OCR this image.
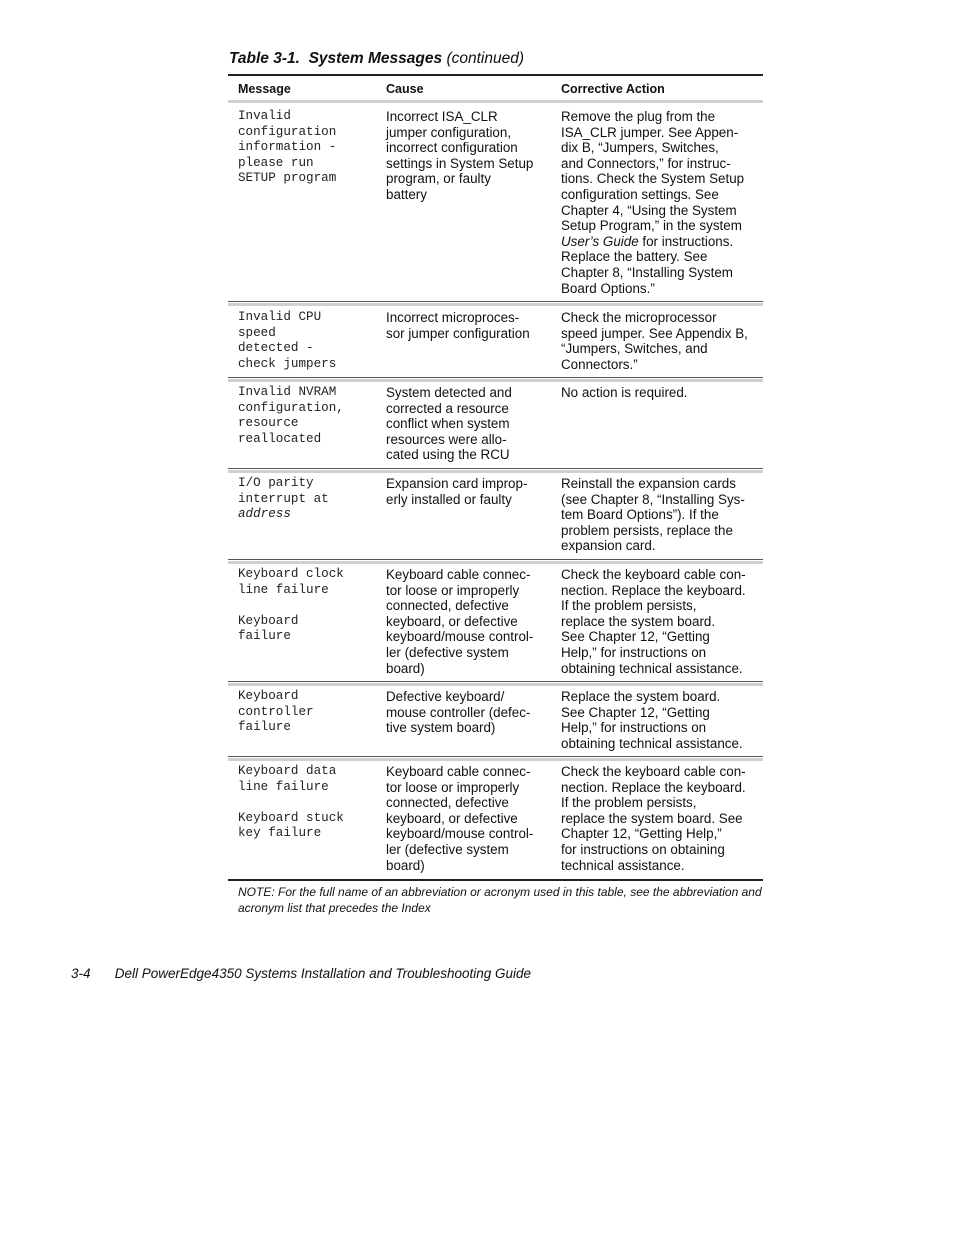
Table 3-1. System Messages (continued)
Message	Cause	Corrective Action
Invalid
configuration
information -
please run
SETUP program
Incorrect ISA_CLR
jumper configuration,
incorrect configuration
settings in System Setup
program, or faulty
battery
Remove the plug from the
ISA_CLR jumper. See Appen-
dix B, “Jumpers, Switches,
and Connectors,” for instruc-
tions. Check the System Setup
configuration settings. See
Chapter 4, “Using the System
Setup Program,” in the system
User’s Guide for instructions.
Replace the battery. See
Chapter 8, “Installing System
Board Options.”
Invalid CPU
speed
detected -
check jumpers
Incorrect microproces-
sor jumper configuration
Check the microprocessor
speed jumper. See Appendix B,
“Jumpers, Switches, and
Connectors.”
Invalid NVRAM
configuration,
resource
reallocated
System detected and
corrected a resource
conflict when system
resources were allo-
cated using the RCU
No action is required.
I/O parity
interrupt at
address
Expansion card improp-
erly installed or faulty
Reinstall the expansion cards
(see Chapter 8, “Installing Sys-
tem Board Options”). If the
problem persists, replace the
expansion card.
Keyboard clock
line failure
Keyboard
failure
Keyboard cable connec-
tor loose or improperly
connected, defective
keyboard, or defective
keyboard/mouse control-
ler (defective system
board)
Check the keyboard cable con-
nection. Replace the keyboard.
If the problem persists,
replace the system board.
See Chapter 12, “Getting
Help,” for instructions on
obtaining technical assistance.
Keyboard
controller
failure
Defective keyboard/
mouse controller (defec-
tive system board)
Replace the system board.
See Chapter 12, “Getting
Help,” for instructions on
obtaining technical assistance.
Keyboard data
line failure
Keyboard stuck
key failure
Keyboard cable connec-
tor loose or improperly
connected, defective
keyboard, or defective
keyboard/mouse control-
ler (defective system
board)
Check the keyboard cable con-
nection. Replace the keyboard.
If the problem persists,
replace the system board. See
Chapter 12, “Getting Help,”
for instructions on obtaining
technical assistance.
NOTE: For the full name of an abbreviation or acronym used in this table, see the abbreviation and
acronym list that precedes the Index
3-4 Dell PowerEdge4350 Systems Installation and Troubleshooting Guide
